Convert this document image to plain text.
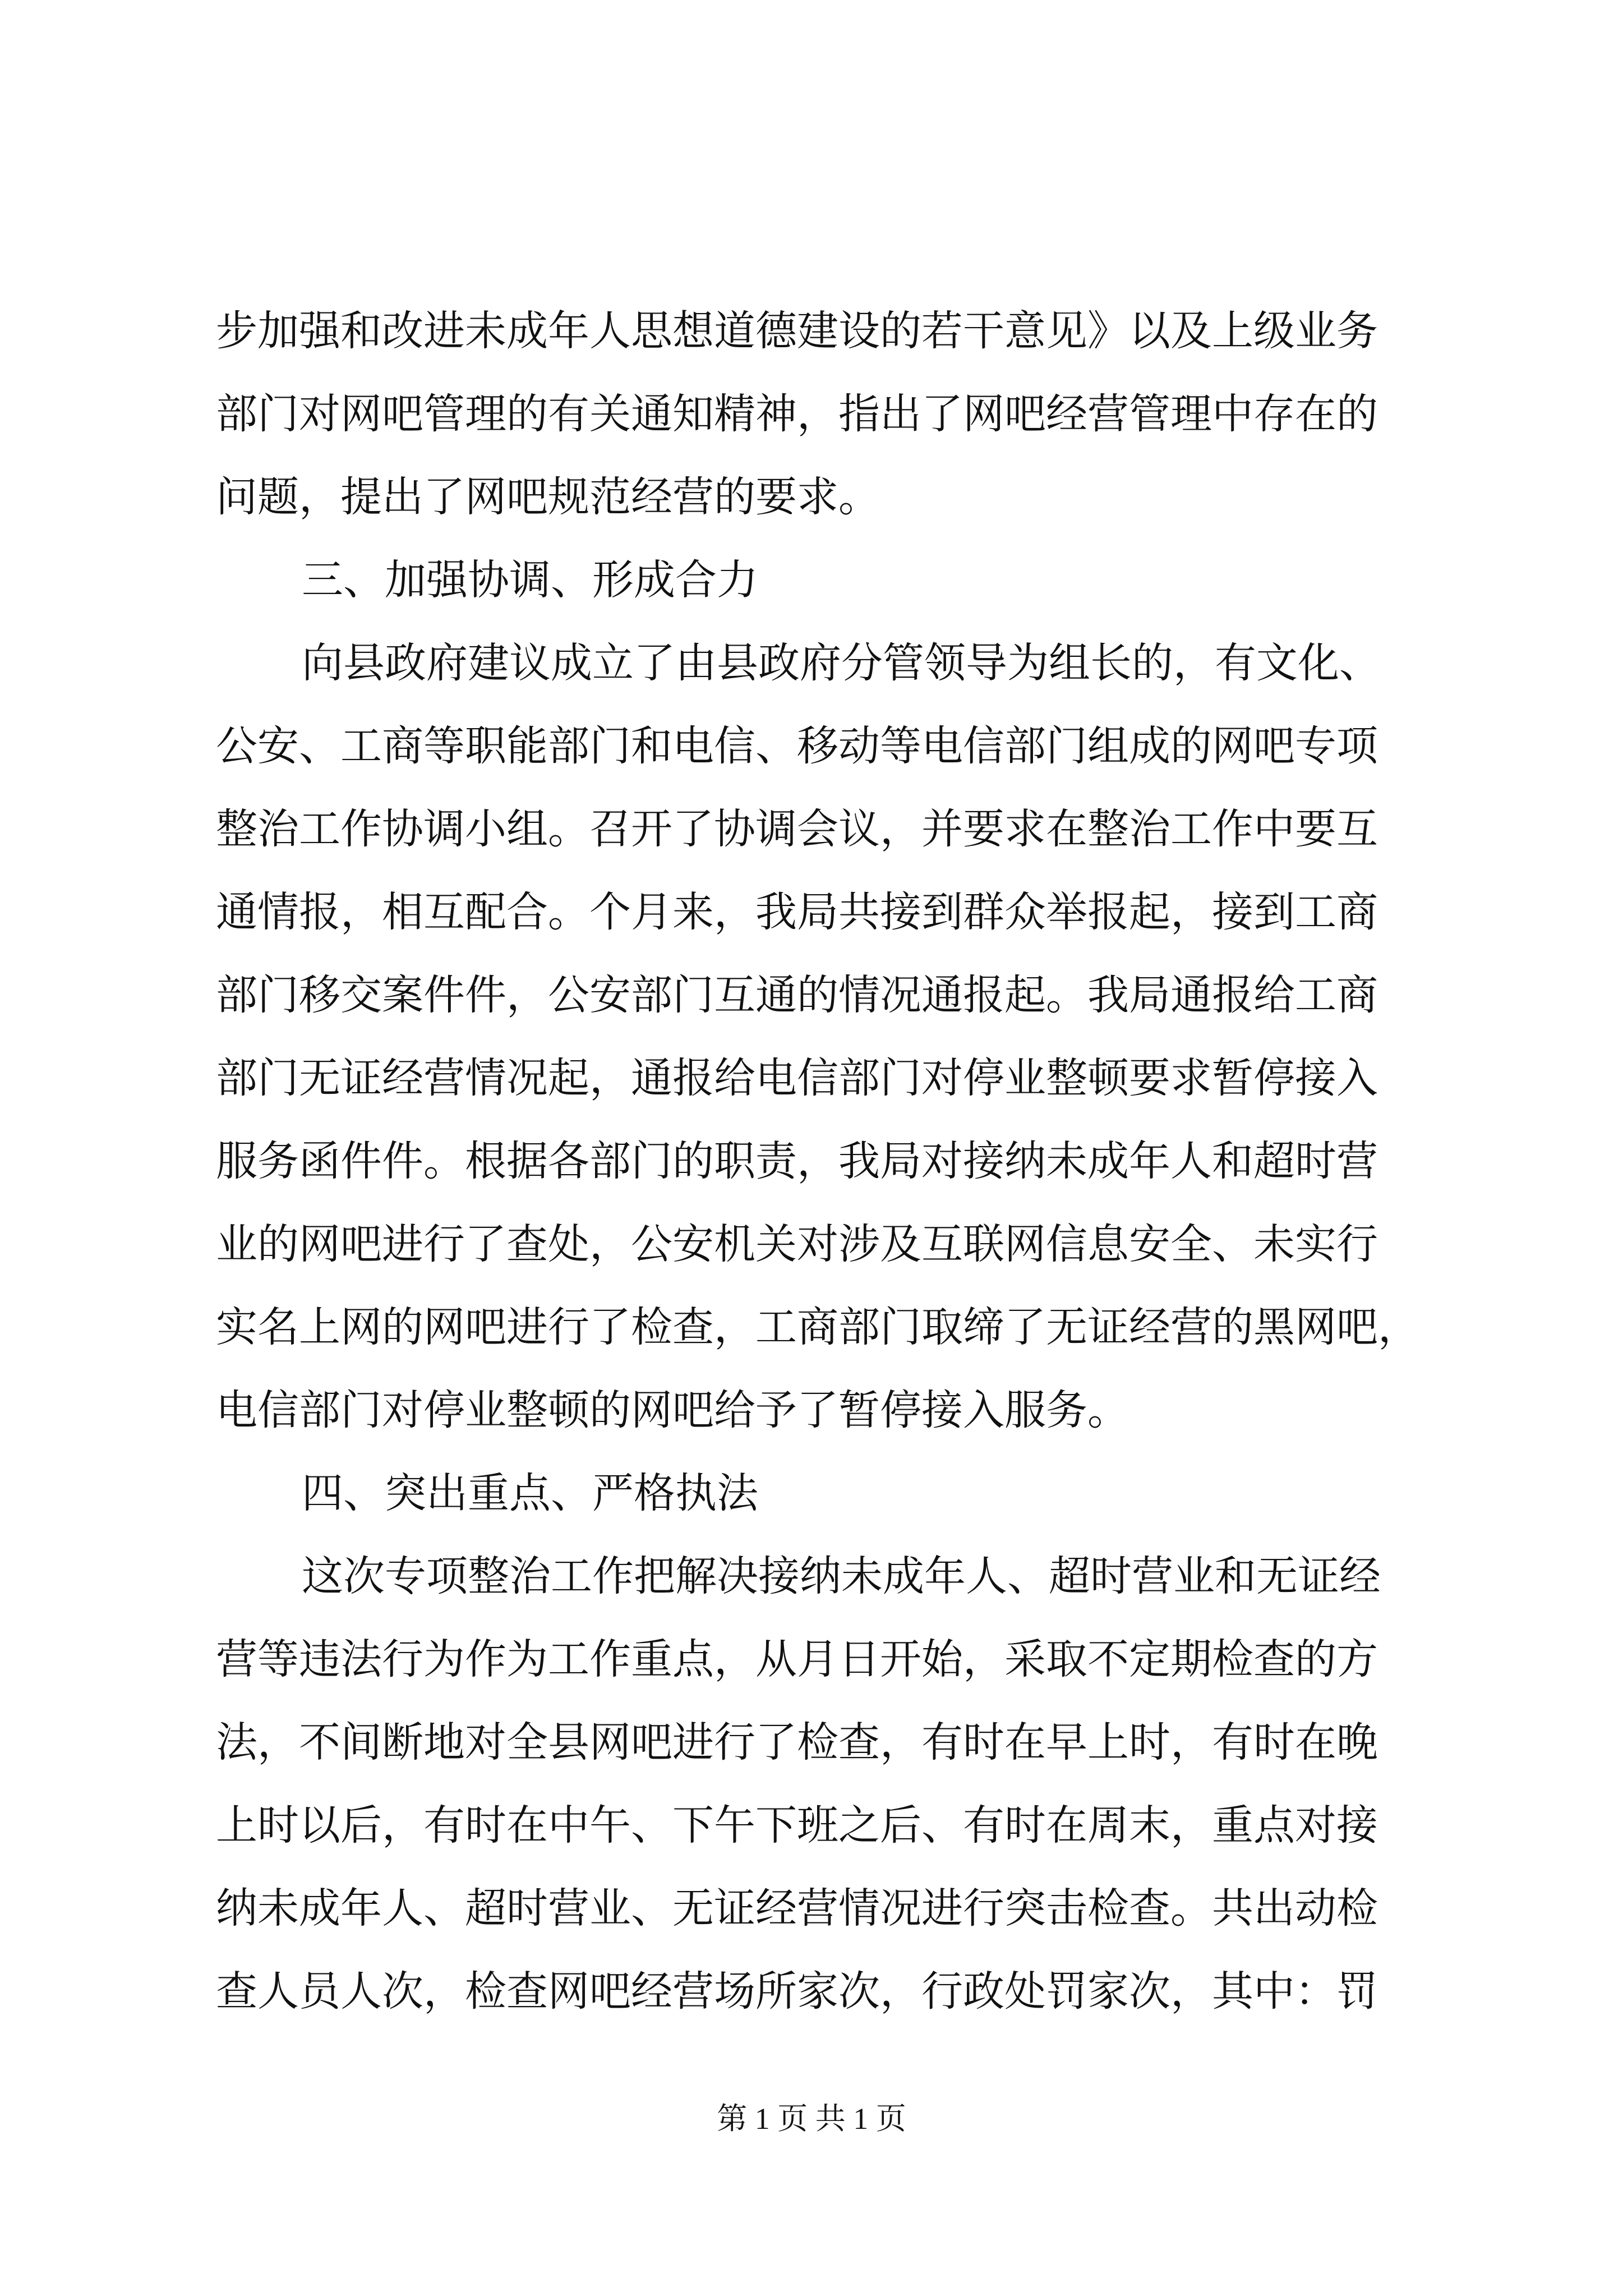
步加强和改进未成年人思想道德建设的若干意见》以及上级业务
部门对网吧管理的有关通知精神，指出了网吧经营管理中存在的
问题，提出了网吧规范经营的要求。
三、加强协调、形成合力
向县政府建议成立了由县政府分管领导为组长的，有文化、
公安、工商等职能部门和电信、移动等电信部门组成的网吧专项
整治工作协调小组。召开了协调会议，并要求在整治工作中要互
通情报，相互配合。个月来，我局共接到群众举报起，接到工商
部门移交案件件，公安部门互通的情况通报起。我局通报给工商
部门无证经营情况起，通报给电信部门对停业整顿要求暂停接入
服务函件件。根据各部门的职责，我局对接纳未成年人和超时营
业的网吧进行了查处，公安机关对涉及互联网信息安全、未实行
实名上网的网吧进行了检查，工商部门取缔了无证经营的黑网吧，
电信部门对停业整顿的网吧给予了暂停接入服务。
四、突出重点、严格执法
这次专项整治工作把解决接纳未成年人、超时营业和无证经
营等违法行为作为工作重点，从月日开始，采取不定期检查的方
法，不间断地对全县网吧进行了检查，有时在早上时，有时在晚
上时以后，有时在中午、下午下班之后、有时在周末，重点对接
纳未成年人、超时营业、无证经营情况进行突击检查。共出动检
查人员人次，检查网吧经营场所家次，行政处罚家次，其中：罚
第 1 页 共 1 页
